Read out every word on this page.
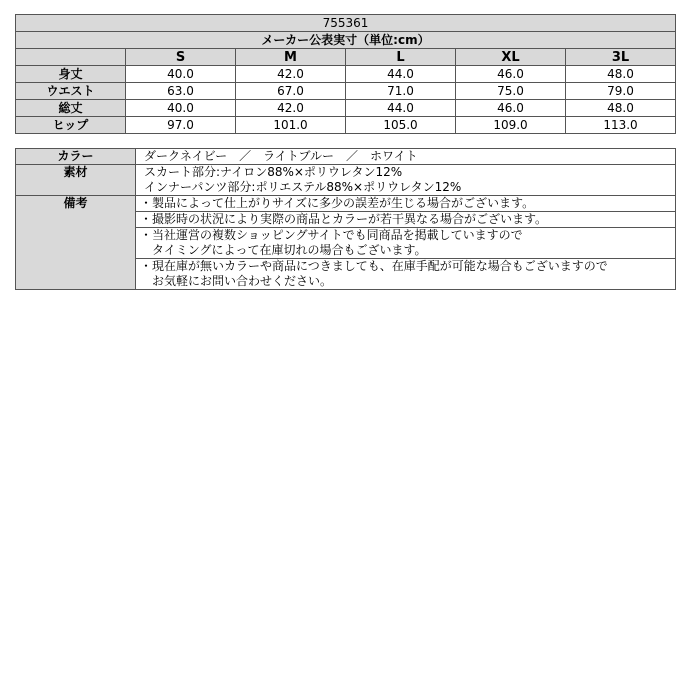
755361					
メーカー公表実寸（単位:cm）					
	S	M	L	XL	3L
身丈	40.0	42.0	44.0	46.0	48.0
ウエスト	63.0	67.0	71.0	75.0	79.0
総丈	40.0	42.0	44.0	46.0	48.0
ヒップ	97.0	101.0	105.0	109.0	113.0
カラー	ダークネイビー　／　ライトブルー　／　ホワイト
素材	スカート部分:ナイロン88%×ポリウレタン12%
インナーパンツ部分:ポリエステル88%×ポリウレタン12%

備考	・製品によって仕上がりサイズに多少の誤差が生じる場合がございます。

	・撮影時の状況により実際の商品とカラーが若干異なる場合がございます。

	・当社運営の複数ショッピングサイトでも同商品を掲載していますので
　タイミングによって在庫切れの場合もございます。

	・現在庫が無いカラーや商品につきましても、在庫手配が可能な場合もございますので
　お気軽にお問い合わせください。
